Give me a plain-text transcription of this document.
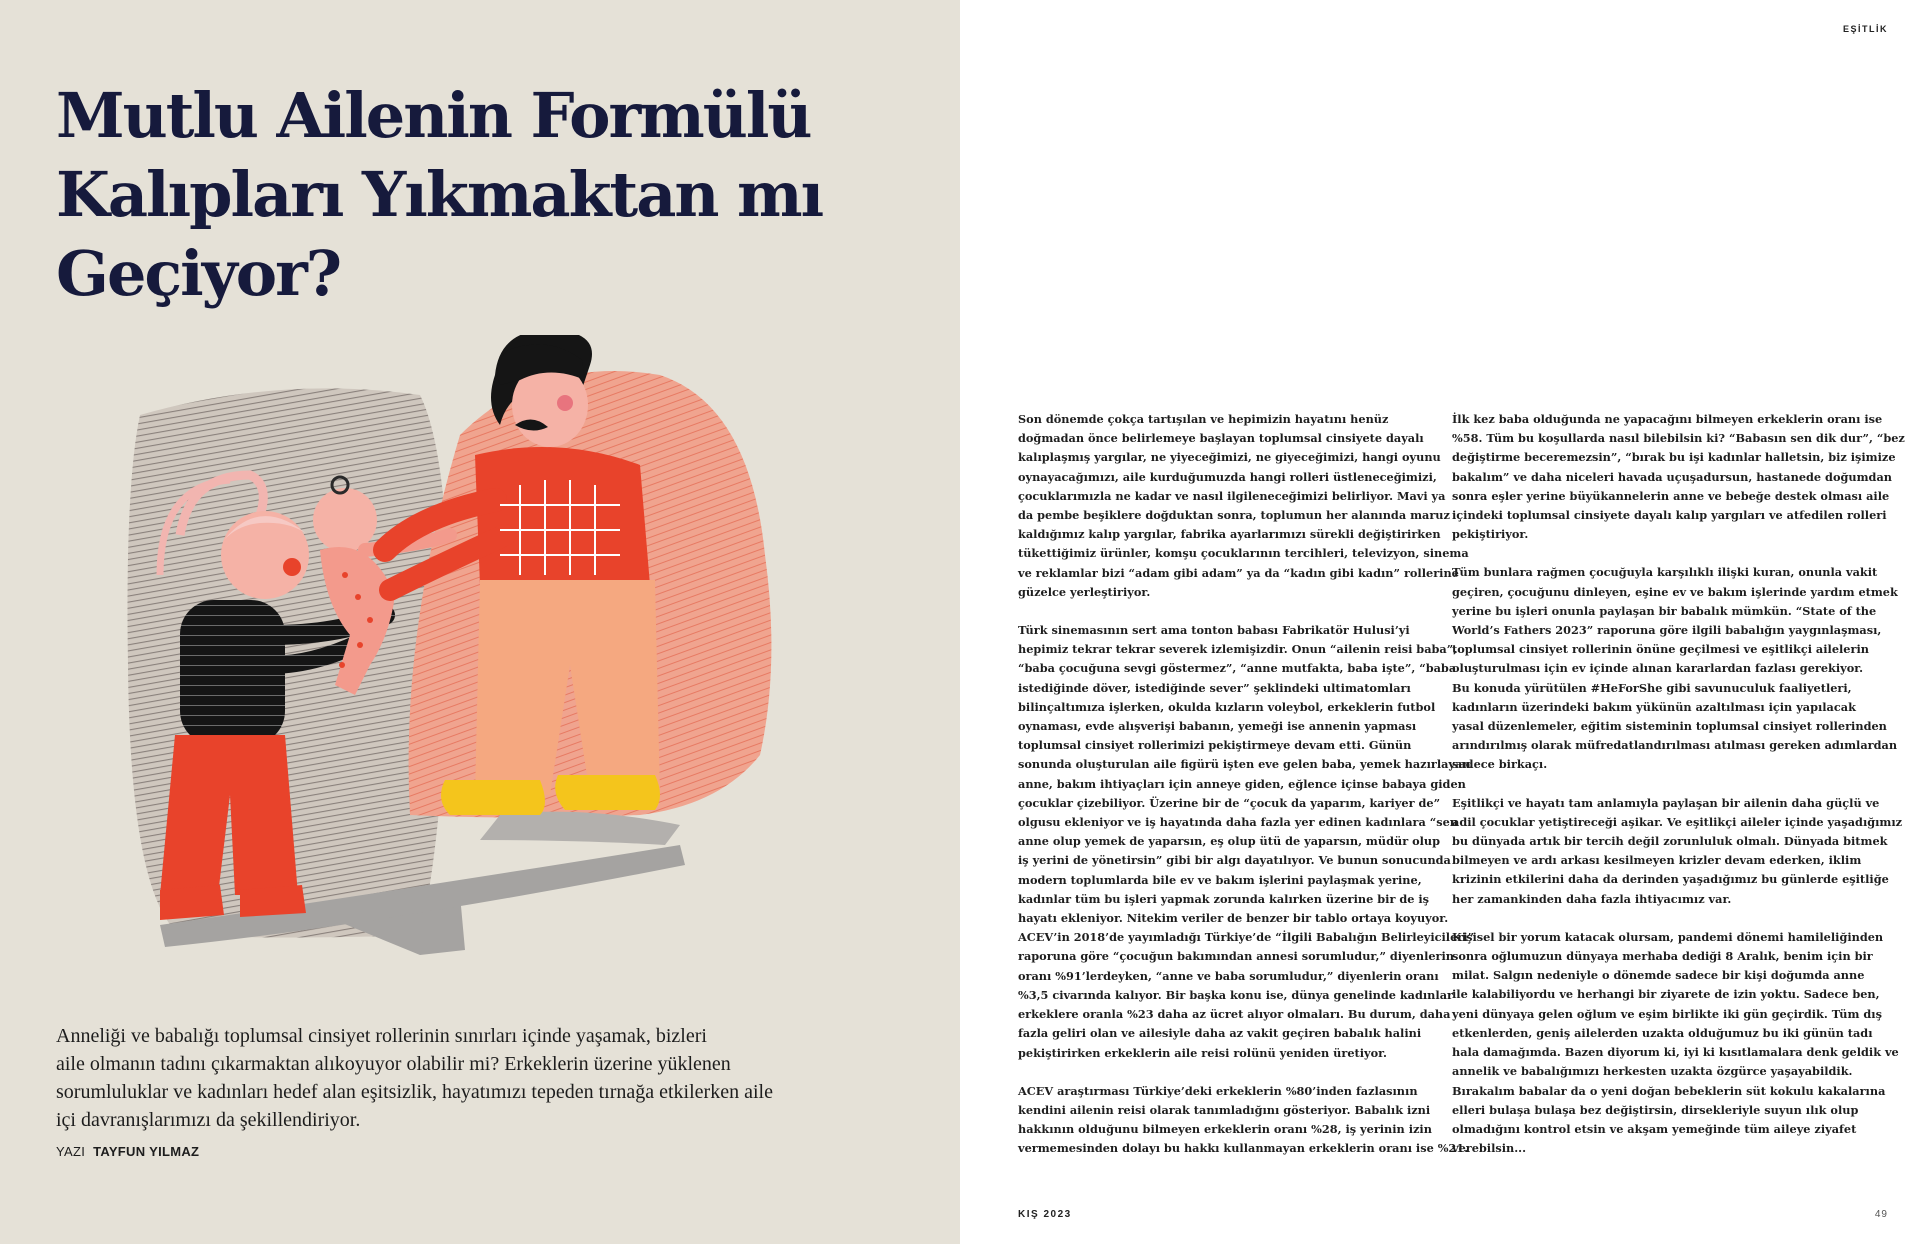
Mutlu Ailenin Formülü
Kalıpları Yıkmaktan mı
Geçiyor?

Anneliği ve babalığı toplumsal cinsiyet rollerinin sınırları içinde yaşamak, bizleri
aile olmanın tadını çıkarmaktan alıkoyuyor olabilir mi? Erkeklerin üzerine yüklenen
sorumluluklar ve kadınları hedef alan eşitsizlik, hayatımızı tepeden tırnağa etkilerken aile
içi davranışlarımızı da şekillendiriyor.

YAZI TAYFUN YILMAZ
EŞİTLİK

Son dönemde çokça tartışılan ve hepimizin hayatını henüz
doğmadan önce belirlemeye başlayan toplumsal cinsiyete dayalı
kalıplaşmış yargılar, ne yiyeceğimizi, ne giyeceğimizi, hangi oyunu
oynayacağımızı, aile kurduğumuzda hangi rolleri üstleneceğimizi,
çocuklarımızla ne kadar ve nasıl ilgileneceğimizi belirliyor. Mavi ya
da pembe beşiklere doğduktan sonra, toplumun her alanında maruz
kaldığımız kalıp yargılar, fabrika ayarlarımızı sürekli değiştirirken
tükettiğimiz ürünler, komşu çocuklarının tercihleri, televizyon, sinema
ve reklamlar bizi “adam gibi adam” ya da “kadın gibi kadın” rollerine
güzelce yerleştiriyor.

Türk sinemasının sert ama tonton babası Fabrikatör Hulusi’yi
hepimiz tekrar tekrar severek izlemişizdir. Onun “ailenin reisi baba”,
“baba çocuğuna sevgi göstermez”, “anne mutfakta, baba işte”, “baba
istediğinde döver, istediğinde sever” şeklindeki ultimatomları
bilinçaltımıza işlerken, okulda kızların voleybol, erkeklerin futbol
oynaması, evde alışverişi babanın, yemeği ise annenin yapması
toplumsal cinsiyet rollerimizi pekiştirmeye devam etti. Günün
sonunda oluşturulan aile figürü işten eve gelen baba, yemek hazırlayan
anne, bakım ihtiyaçları için anneye giden, eğlence içinse babaya giden
çocuklar çizebiliyor. Üzerine bir de “çocuk da yaparım, kariyer de”
olgusu ekleniyor ve iş hayatında daha fazla yer edinen kadınlara “sen
anne olup yemek de yaparsın, eş olup ütü de yaparsın, müdür olup
iş yerini de yönetirsin” gibi bir algı dayatılıyor. Ve bunun sonucunda
modern toplumlarda bile ev ve bakım işlerini paylaşmak yerine,
kadınlar tüm bu işleri yapmak zorunda kalırken üzerine bir de iş
hayatı ekleniyor. Nitekim veriler de benzer bir tablo ortaya koyuyor.
ACEV’in 2018’de yayımladığı Türkiye’de “İlgili Babalığın Belirleyicileri”
raporuna göre “çocuğun bakımından annesi sorumludur,” diyenlerin
oranı %91’lerdeyken, “anne ve baba sorumludur,” diyenlerin oranı
%3,5 civarında kalıyor. Bir başka konu ise, dünya genelinde kadınlar
erkeklere oranla %23 daha az ücret alıyor olmaları. Bu durum, daha
fazla geliri olan ve ailesiyle daha az vakit geçiren babalık halini
pekiştirirken erkeklerin aile reisi rolünü yeniden üretiyor.

ACEV araştırması Türkiye’deki erkeklerin %80’inden fazlasının
kendini ailenin reisi olarak tanımladığını gösteriyor. Babalık izni
hakkının olduğunu bilmeyen erkeklerin oranı %28, iş yerinin izin
vermemesinden dolayı bu hakkı kullanmayan erkeklerin oranı ise %21.

İlk kez baba olduğunda ne yapacağını bilmeyen erkeklerin oranı ise
%58. Tüm bu koşullarda nasıl bilebilsin ki? “Babasın sen dik dur”, “bez
değiştirme beceremezsin”, “bırak bu işi kadınlar halletsin, biz işimize
bakalım” ve daha niceleri havada uçuşadursun, hastanede doğumdan
sonra eşler yerine büyükannelerin anne ve bebeğe destek olması aile
içindeki toplumsal cinsiyete dayalı kalıp yargıları ve atfedilen rolleri
pekiştiriyor.

Tüm bunlara rağmen çocuğuyla karşılıklı ilişki kuran, onunla vakit
geçiren, çocuğunu dinleyen, eşine ev ve bakım işlerinde yardım etmek
yerine bu işleri onunla paylaşan bir babalık mümkün. “State of the
World’s Fathers 2023” raporuna göre ilgili babalığın yaygınlaşması,
toplumsal cinsiyet rollerinin önüne geçilmesi ve eşitlikçi ailelerin
oluşturulması için ev içinde alınan kararlardan fazlası gerekiyor.
Bu konuda yürütülen #HeForShe gibi savunuculuk faaliyetleri,
kadınların üzerindeki bakım yükünün azaltılması için yapılacak
yasal düzenlemeler, eğitim sisteminin toplumsal cinsiyet rollerinden
arındırılmış olarak müfredatlandırılması atılması gereken adımlardan
sadece birkaçı.

Eşitlikçi ve hayatı tam anlamıyla paylaşan bir ailenin daha güçlü ve
adil çocuklar yetiştireceği aşikar. Ve eşitlikçi aileler içinde yaşadığımız
bu dünyada artık bir tercih değil zorunluluk olmalı. Dünyada bitmek
bilmeyen ve ardı arkası kesilmeyen krizler devam ederken, iklim
krizinin etkilerini daha da derinden yaşadığımız bu günlerde eşitliğe
her zamankinden daha fazla ihtiyacımız var.

Kişisel bir yorum katacak olursam, pandemi dönemi hamileliğinden
sonra oğlumuzun dünyaya merhaba dediği 8 Aralık, benim için bir
milat. Salgın nedeniyle o dönemde sadece bir kişi doğumda anne
ile kalabiliyordu ve herhangi bir ziyarete de izin yoktu. Sadece ben,
yeni dünyaya gelen oğlum ve eşim birlikte iki gün geçirdik. Tüm dış
etkenlerden, geniş ailelerden uzakta olduğumuz bu iki günün tadı
hala damağımda. Bazen diyorum ki, iyi ki kısıtlamalara denk geldik ve
annelik ve babalığımızı herkesten uzakta özgürce yaşayabildik.
Bırakalım babalar da o yeni doğan bebeklerin süt kokulu kakalarına
elleri bulaşa bulaşa bez değiştirsin, dirsekleriyle suyun ılık olup
olmadığını kontrol etsin ve akşam yemeğinde tüm aileye ziyafet
verebilsin...

KIŞ 2023	49
